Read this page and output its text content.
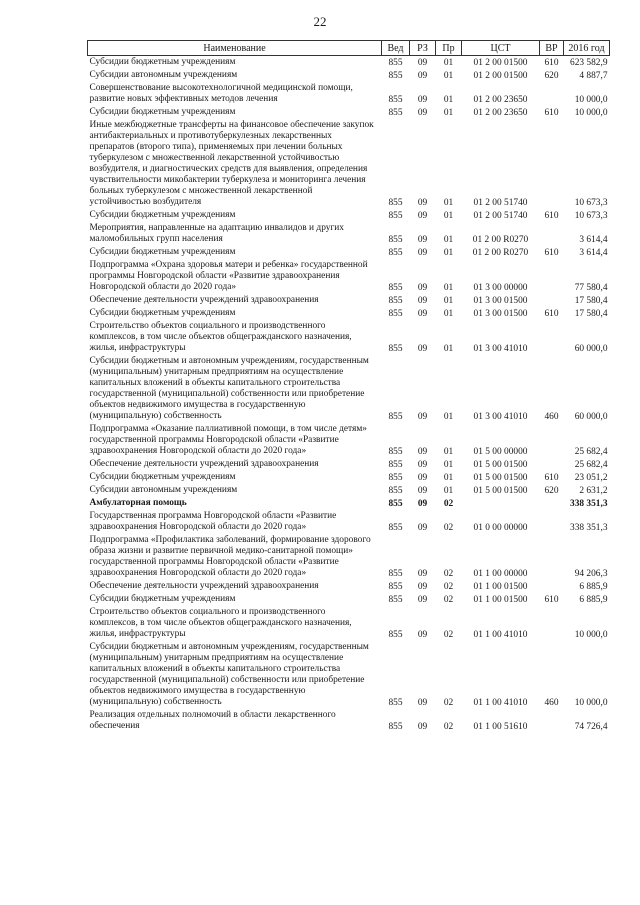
22
Наименование	Вед	РЗ	Пр	ЦСТ	ВР	2016 год
Субсидии бюджетным учреждениям	855	09	01	01 2 00 01500	610	623 582,9
Субсидии автономным учреждениям	855	09	01	01 2 00 01500	620	4 887,7
Совершенствование высокотехнологичной медицинской помощи, развитие новых эффективных методов лечения	855	09	01	01 2 00 23650		10 000,0
Субсидии бюджетным учреждениям	855	09	01	01 2 00 23650	610	10 000,0
Иные межбюджетные трансферты на финансовое обеспечение закупок антибактериальных и противотуберкулезных лекарственных препаратов (второго типа), применяемых при лечении больных туберкулезом с множественной лекарственной устойчивостью возбудителя, и диагностических средств для выявления, определения чувствительности микобактерии туберкулеза и мониторинга лечения больных туберкулезом с множественной лекарственной устойчивостью возбудителя	855	09	01	01 2 00 51740		10 673,3
Субсидии бюджетным учреждениям	855	09	01	01 2 00 51740	610	10 673,3
Мероприятия, направленные на адаптацию инвалидов и других маломобильных групп населения	855	09	01	01 2 00 R0270		3 614,4
Субсидии бюджетным учреждениям	855	09	01	01 2 00 R0270	610	3 614,4
Подпрограмма «Охрана здоровья матери и ребенка» государственной программы Новгородской области «Развитие здравоохранения Новгородской области до 2020 года»	855	09	01	01 3 00 00000		77 580,4
Обеспечение деятельности учреждений здравоохранения	855	09	01	01 3 00 01500		17 580,4
Субсидии бюджетным учреждениям	855	09	01	01 3 00 01500	610	17 580,4
Строительство объектов социального и производственного комплексов, в том числе объектов общегражданского назначения, жилья, инфраструктуры	855	09	01	01 3 00 41010		60 000,0
Субсидии бюджетным и автономным учреждениям, государственным (муниципальным) унитарным предприятиям на осуществление капитальных вложений в объекты капитального строительства государственной (муниципальной) собственности или приобретение объектов недвижимого имущества в государственную (муниципальную) собственность	855	09	01	01 3 00 41010	460	60 000,0
Подпрограмма «Оказание паллиативной помощи, в том числе детям» государственной программы Новгородской области «Развитие здравоохранения Новгородской области до 2020 года»	855	09	01	01 5 00 00000		25 682,4
Обеспечение деятельности учреждений здравоохранения	855	09	01	01 5 00 01500		25 682,4
Субсидии бюджетным учреждениям	855	09	01	01 5 00 01500	610	23 051,2
Субсидии автономным учреждениям	855	09	01	01 5 00 01500	620	2 631,2
Амбулаторная помощь	855	09	02			338 351,3
Государственная программа Новгородской области «Развитие здравоохранения Новгородской области до 2020 года»	855	09	02	01 0 00 00000		338 351,3
Подпрограмма «Профилактика заболеваний, формирование здорового образа жизни и развитие первичной медико-санитарной помощи» государственной программы Новгородской области «Развитие здравоохранения Новгородской области до 2020 года»	855	09	02	01 1 00 00000		94 206,3
Обеспечение деятельности учреждений здравоохранения	855	09	02	01 1 00 01500		6 885,9
Субсидии бюджетным учреждениям	855	09	02	01 1 00 01500	610	6 885,9
Строительство объектов социального и производственного комплексов, в том числе объектов общегражданского назначения, жилья, инфраструктуры	855	09	02	01 1 00 41010		10 000,0
Субсидии бюджетным и автономным учреждениям, государственным (муниципальным) унитарным предприятиям на осуществление капитальных вложений в объекты капитального строительства государственной (муниципальной) собственности или приобретение объектов недвижимого имущества в государственную (муниципальную) собственность	855	09	02	01 1 00 41010	460	10 000,0
Реализация отдельных полномочий в области лекарственного обеспечения	855	09	02	01 1 00 51610		74 726,4
